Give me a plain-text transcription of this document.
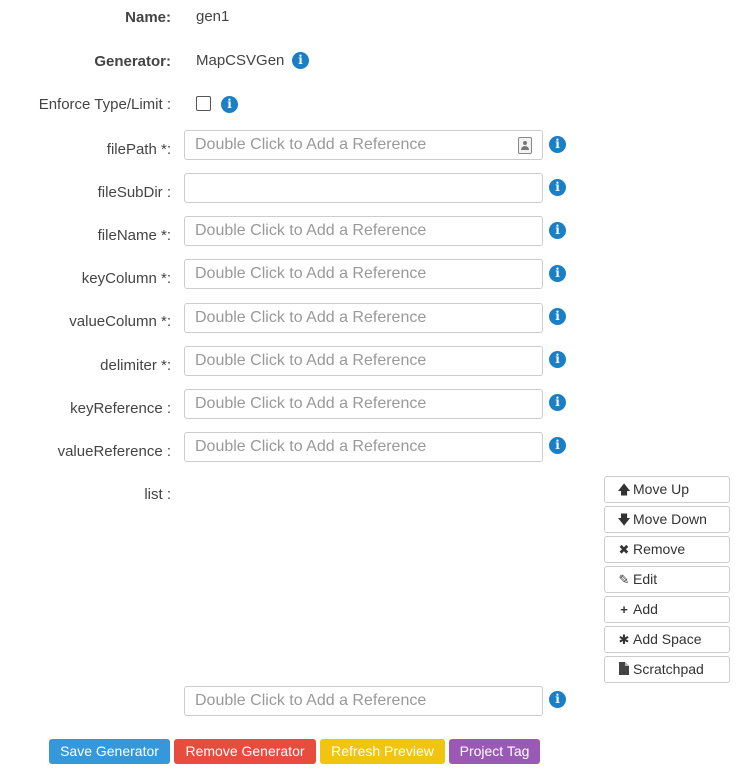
Name: gen1
Generator: MapCSVGen	i
Enforce Type/Limit :	i
filePath *:
Double Click to Add a Reference	i
fileSubDir :	i
fileName *:
Double Click to Add a Reference	i
keyColumn *:
Double Click to Add a Reference	i
valueColumn *:
Double Click to Add a Reference	i
delimiter *:
Double Click to Add a Reference	i
keyReference :
Double Click to Add a Reference	i
valueReference :
Double Click to Add a Reference	i
list :	🡅 Move Up
🡇 Move Down
✖ Remove
✎ Edit
+ Add
✱ Add Space
Scratchpad
Double Click to Add a Reference
i
Save Generator	Remove Generator	Refresh Preview	Project Tag
